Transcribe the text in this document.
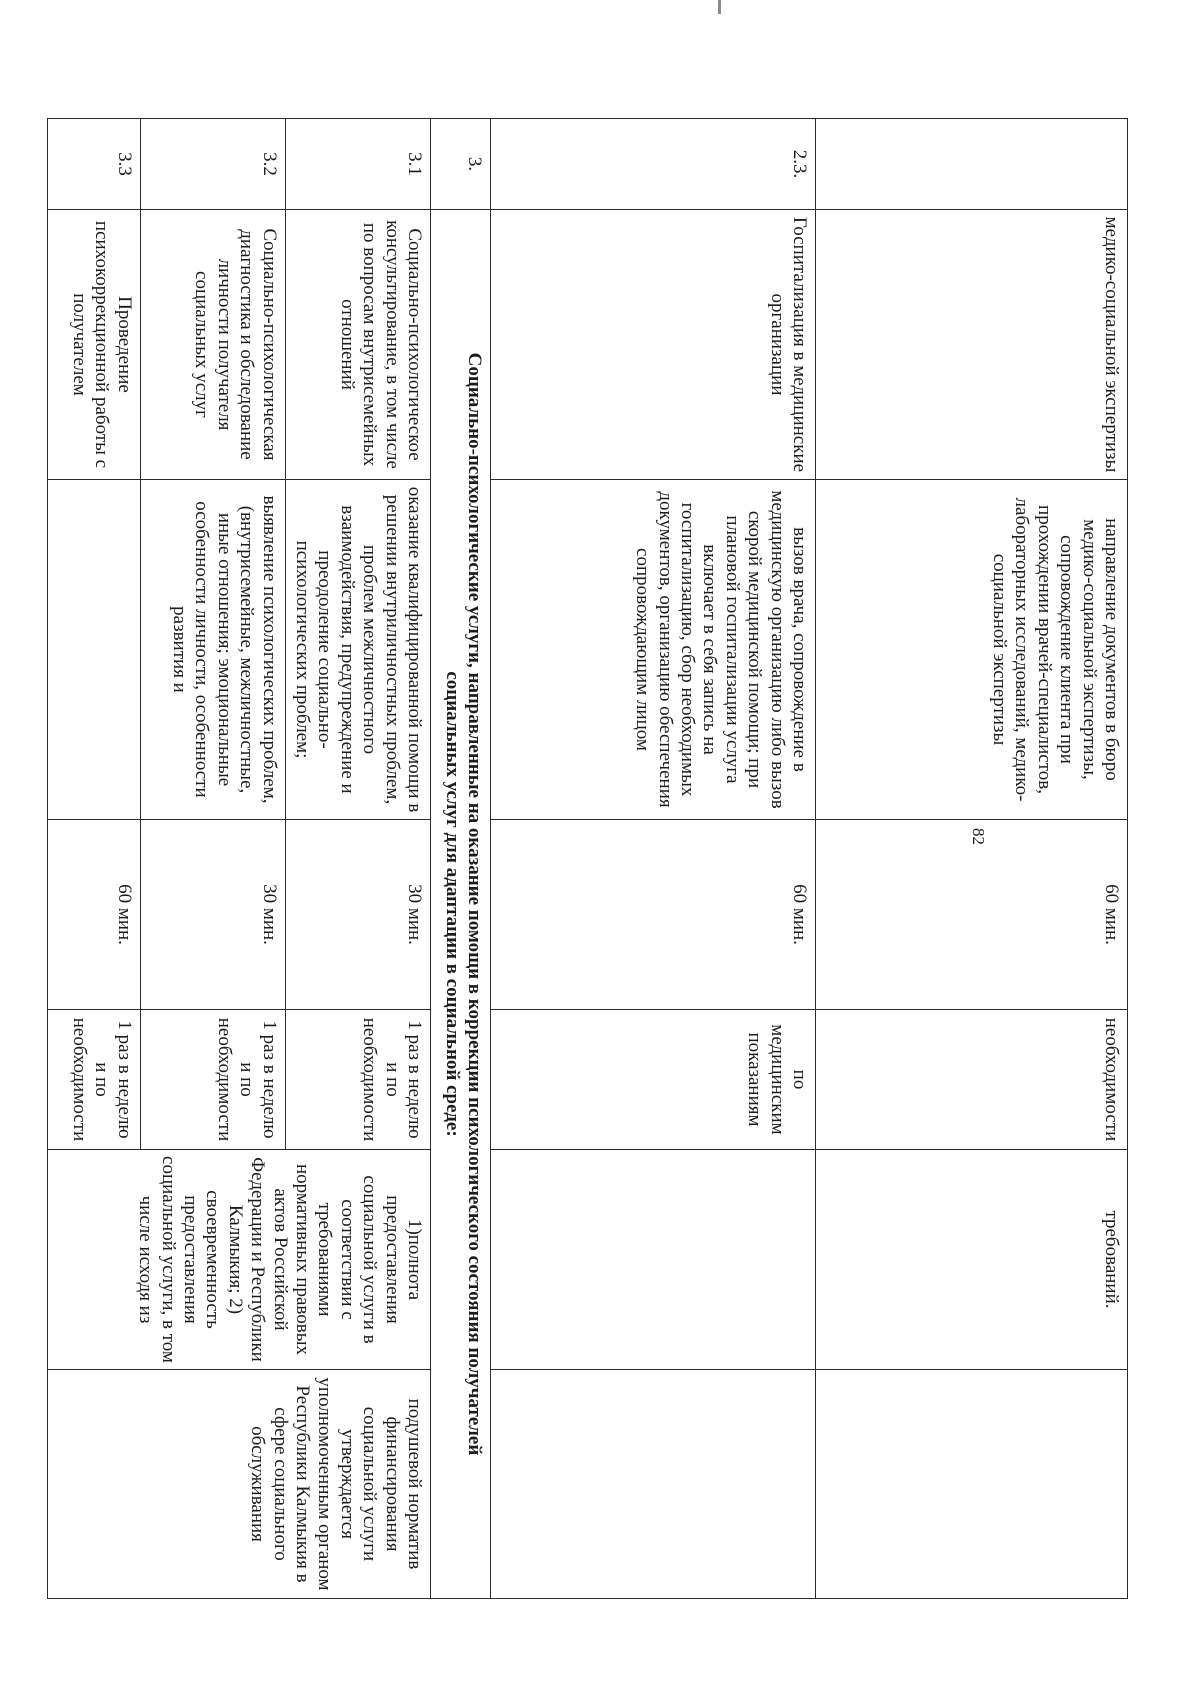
	медико-социальной экспертизы	направление документов в бюро медико-социальной экспертизы, сопровождение клиента при прохождении врачей-специалистов, лабораторных исследований, медико-социальной экспертизы	60 мин.	необходимости	требований.	
2.3.	Госпитализация в медицинские организации	вызов врача, сопровождение в медицинскую организацию либо вызов скорой медицинской помощи; при плановой госпитализации услуга включает в себя запись на госпитализацию, сбор необходимых документов, организацию обеспечения сопровождающим лицом	60 мин.	по медицинским показаниям		
3.	Социально-психологические услуги, направленные на оказание помощи в коррекции психологического состояния получателей
социальных услуг для адаптации в социальной среде:					

3.1	Социально-психологическое консультирование, в том числе по вопросам внутрисемейных отношений	оказание квалифицированной помощи в решении внутриличностных проблем, проблем межличностного взаимодействия, предупреждение и преодоление социально-психологических проблем;	30 мин.	1 раз в неделю и по необходимости	1)полнота предоставления социальной услуги в соответствии с требованиями нормативных правовых актов Российской Федерации и Республики Калмыкия; 2) своевременность предоставления социальной услуги, в том числе исходя из	подушевой норматив финансирования социальной услуги утверждается уполномоченным органом Республики Калмыкия в сфере социального обслуживания
3.2	Социально-психологическая диагностика и обследование личности получателя социальных услуг	выявление психологических проблем, (внутрисемейные, межличностные, иные отношения; эмоциональные особенности личности, особенности развития и	30 мин.	1 раз в неделю и по необходимости		
3.3	Проведение психокоррекционной работы с получателем		60 мин.	1 раз в неделю и по необходимости		
82
